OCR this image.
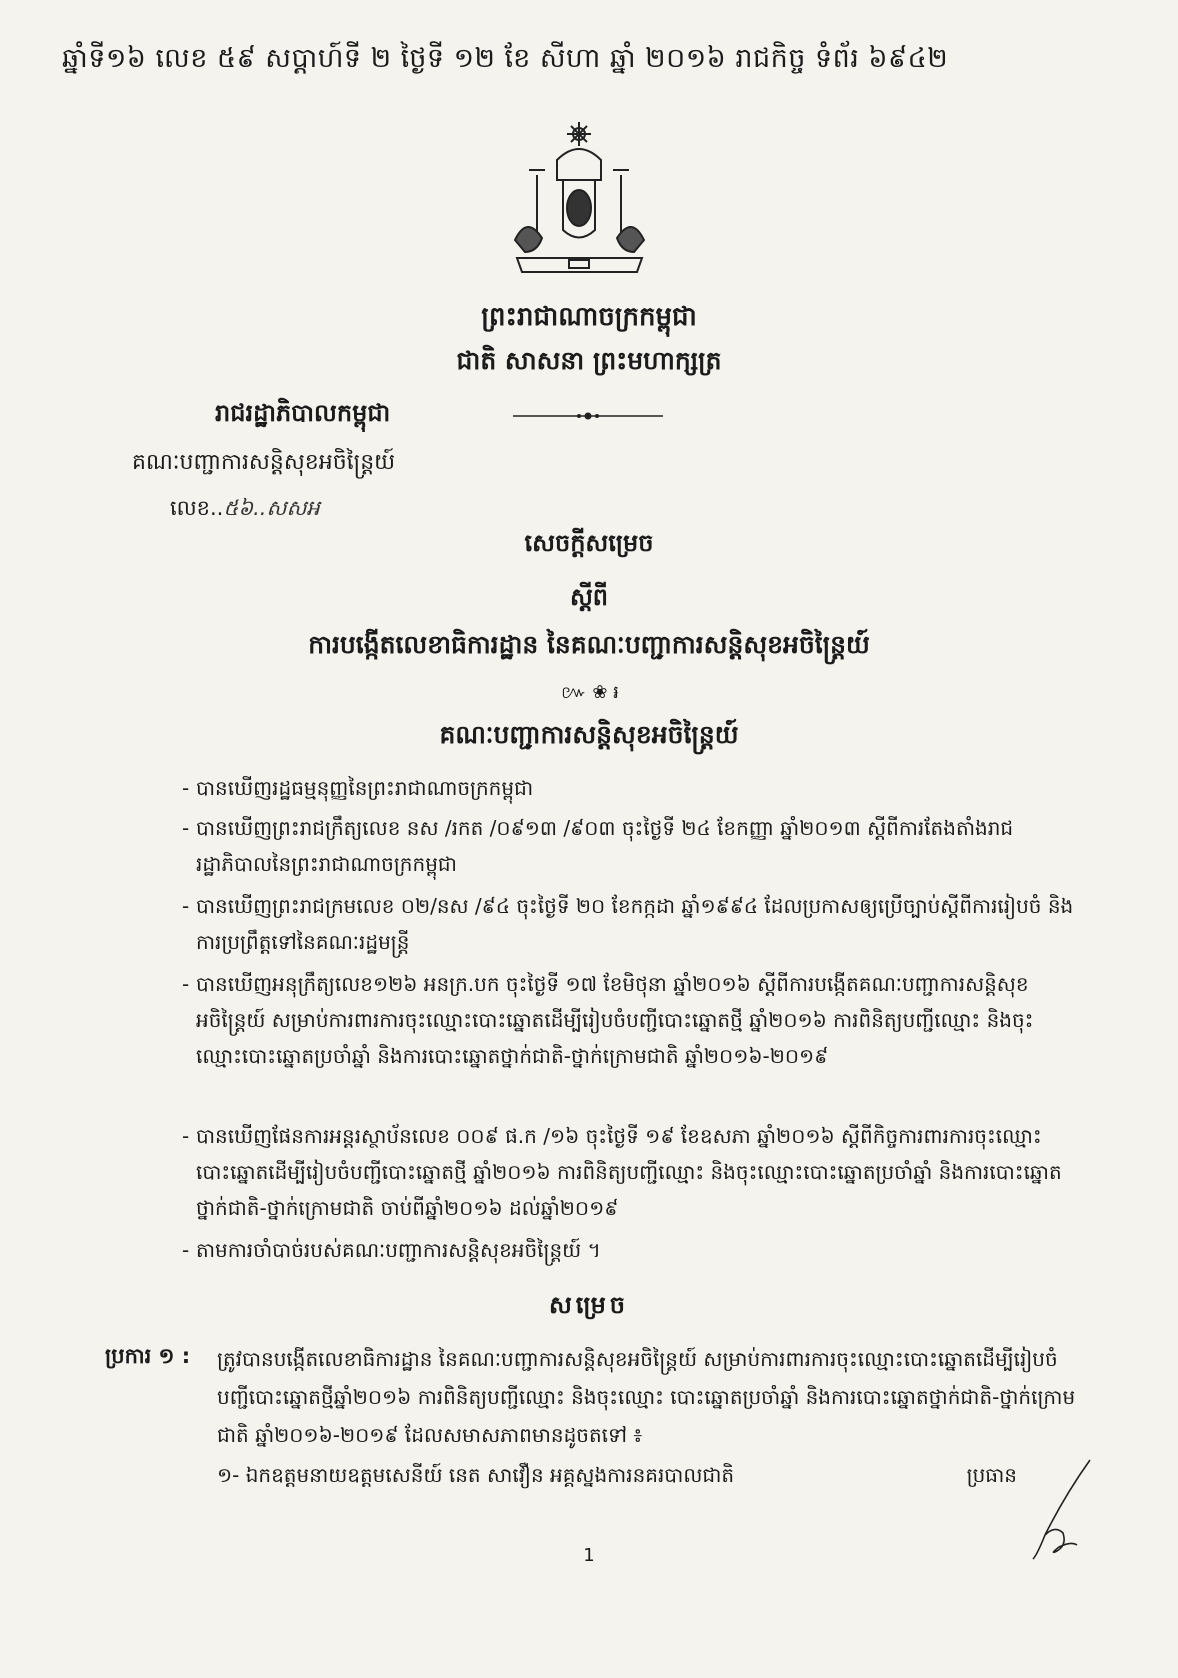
ឆ្នាំទី១៦ លេខ ៥៩ សប្តាហ៍ទី ២ ថ្ងៃទី ១២ ខែ សីហា ឆ្នាំ ២០១៦ រាជកិច្ច ទំព័រ ៦៩៤២
ព្រះរាជាណាចក្រកម្ពុជា
ជាតិ សាសនា ព្រះមហាក្សត្រ
រាជរដ្ឋាភិបាលកម្ពុជា
គណៈបញ្ជាការសន្តិសុខអចិន្ត្រៃយ៍
លេខ..៥៦..សសអ
សេចក្តីសម្រេច
ស្តីពី
ការបង្កើតលេខាធិការដ្ឋាន នៃគណៈបញ្ជាការសន្តិសុខអចិន្ត្រៃយ៍
៚ ❀ ៛
គណៈបញ្ជាការសន្តិសុខអចិន្ត្រៃយ៍
- បានឃើញរដ្ឋធម្មនុញ្ញនៃព្រះរាជាណាចក្រកម្ពុជា
- បានឃើញព្រះរាជក្រឹត្យលេខ នស /រកត /០៩១៣ /៩០៣ ចុះថ្ងៃទី ២៤ ខែកញ្ញា ឆ្នាំ២០១៣ ស្តីពីការតែងតាំងរាជរដ្ឋាភិបាលនៃព្រះរាជាណាចក្រកម្ពុជា
- បានឃើញព្រះរាជក្រមលេខ ០២/នស /៩៤ ចុះថ្ងៃទី ២០ ខែកក្កដា ឆ្នាំ១៩៩៤ ដែលប្រកាសឲ្យប្រើច្បាប់ស្តីពីការរៀបចំ និងការប្រព្រឹត្តទៅនៃគណៈរដ្ឋមន្ត្រី
- បានឃើញអនុក្រឹត្យលេខ១២៦ អនក្រ.បក ចុះថ្ងៃទី ១៧ ខែមិថុនា ឆ្នាំ២០១៦ ស្តីពីការបង្កើតគណៈបញ្ជាការសន្តិសុខអចិន្ត្រៃយ៍ សម្រាប់ការពារការចុះឈ្មោះបោះឆ្នោតដើម្បីរៀបចំបញ្ជីបោះឆ្នោតថ្មី ឆ្នាំ២០១៦ ការពិនិត្យបញ្ជីឈ្មោះ និងចុះឈ្មោះបោះឆ្នោតប្រចាំឆ្នាំ និងការបោះឆ្នោតថ្នាក់ជាតិ-ថ្នាក់ក្រោមជាតិ ឆ្នាំ២០១៦-២០១៩
- បានឃើញផែនការអន្តរស្ថាប័នលេខ ០០៩ ផ.ក /១៦ ចុះថ្ងៃទី ១៩ ខែឧសភា ឆ្នាំ២០១៦ ស្តីពីកិច្ចការពារការចុះឈ្មោះបោះឆ្នោតដើម្បីរៀបចំបញ្ជីបោះឆ្នោតថ្មី ឆ្នាំ២០១៦ ការពិនិត្យបញ្ជីឈ្មោះ និងចុះឈ្មោះបោះឆ្នោតប្រចាំឆ្នាំ និងការបោះឆ្នោតថ្នាក់ជាតិ-ថ្នាក់ក្រោមជាតិ ចាប់ពីឆ្នាំ២០១៦ ដល់ឆ្នាំ២០១៩
- តាមការចាំបាច់របស់គណៈបញ្ជាការសន្តិសុខអចិន្ត្រៃយ៍ ។
សម្រេច
ប្រការ ១ : ត្រូវបានបង្កើតលេខាធិការដ្ឋាន នៃគណៈបញ្ជាការសន្តិសុខអចិន្ត្រៃយ៍ សម្រាប់ការពារការចុះឈ្មោះបោះឆ្នោតដើម្បីរៀបចំបញ្ជីបោះឆ្នោតថ្មីឆ្នាំ២០១៦ ការពិនិត្យបញ្ជីឈ្មោះ និងចុះឈ្មោះ បោះឆ្នោតប្រចាំឆ្នាំ និងការបោះឆ្នោតថ្នាក់ជាតិ-ថ្នាក់ក្រោមជាតិ ឆ្នាំ២០១៦-២០១៩ ដែលសមាសភាពមានដូចតទៅ ៖
១- ឯកឧត្តមនាយឧត្តមសេនីយ៍ នេត សាវឿន អគ្គស្នងការនគរបាលជាតិ	ប្រធាន
1
